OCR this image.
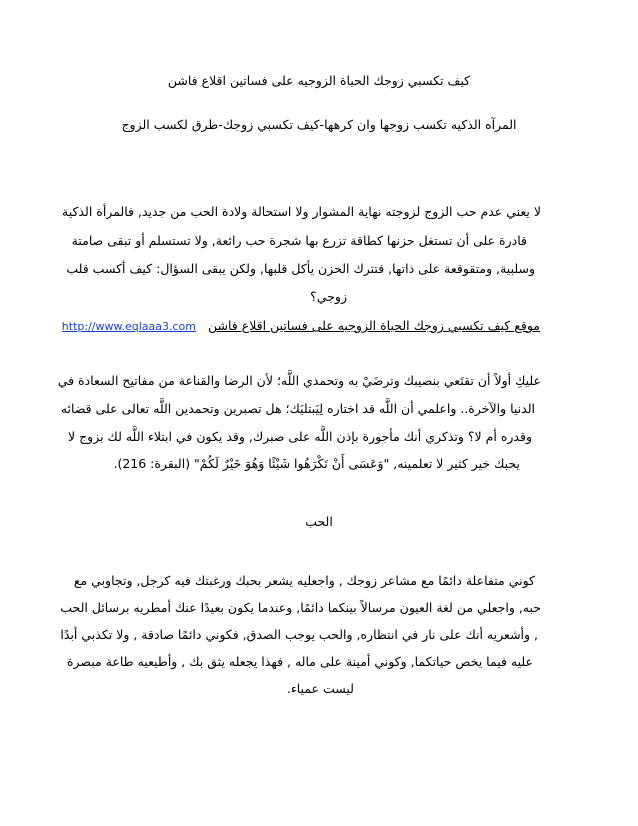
كيف تكسبي زوجك الحياة الزوجيه على فساتين اقلاع فاشن
المرآه الذكيه تكسب زوجها وان كرهها-كيف تكسبي زوجك-طرق لكسب الزوج
لا يعني عدم حب الزوج لزوجته نهاية المشوار ولا استحالة ولادة الحب من جديد, فالمرأة الذكية
قادرة على أن تستغل حزنها كطاقة تزرع بها شجرة حب رائعة, ولا تستسلم أو تبقى صامتة
وسلبية, ومتقوقعة على ذاتها, فتترك الحزن يأكل قلبها, ولكن يبقى السؤال: كيف أكسب قلب
زوجي؟
موقع كيف تكسبي زوجك الحياة الزوجيه على فساتين اقلاع فاشن http://www.eqlaaa3.com
عليكِ أولاً أن تقتَعي بنصيبك وترضَيْ به وتحمدي اللَّه؛ لأن الرضا والقناعة من مفاتيح السعادة في
الدنيا والآخرة.. واعلمي أن اللَّه قد اختاره لِيَبتليَك؛ هل تصبرين وتحمدين اللَّه تعالى على قضائه
وقدره أم لا؟ وتذكري أنك مأجورة بإذن اللَّه على صبرك, وقد يكون في ابتلاء اللَّه لك بزوج لا
يحبك خير كثير لا تعلمينه, "وَعَسَى أَنْ تَكْرَهُوا شَيْئًا وَهُوَ خَيْرٌ لَكُمْ" (البقرة: 216).
الحب
كوني متفاعلة دائمًا مع مشاعر زوجك , واجعليه يشعر بحبك ورغبتك فيه كرجل, وتجاوبي مع
حبه, واجعلي من لغة العيون مرسالاً بينكما دائمًا, وعندما يكون بعيدًا عنك أمطريه برسائل الحب
, وأشعريه أنك على نار في انتظاره, والحب يوجب الصدق, فكوني دائمًا صادقة , ولا تكذبي أبدًا
عليه فيما يخص حياتكما, وكوني أمينة على ماله , فهذا يجعله يثق بك , وأطيعيه طاعة مبصرة
ليست عمياء.
